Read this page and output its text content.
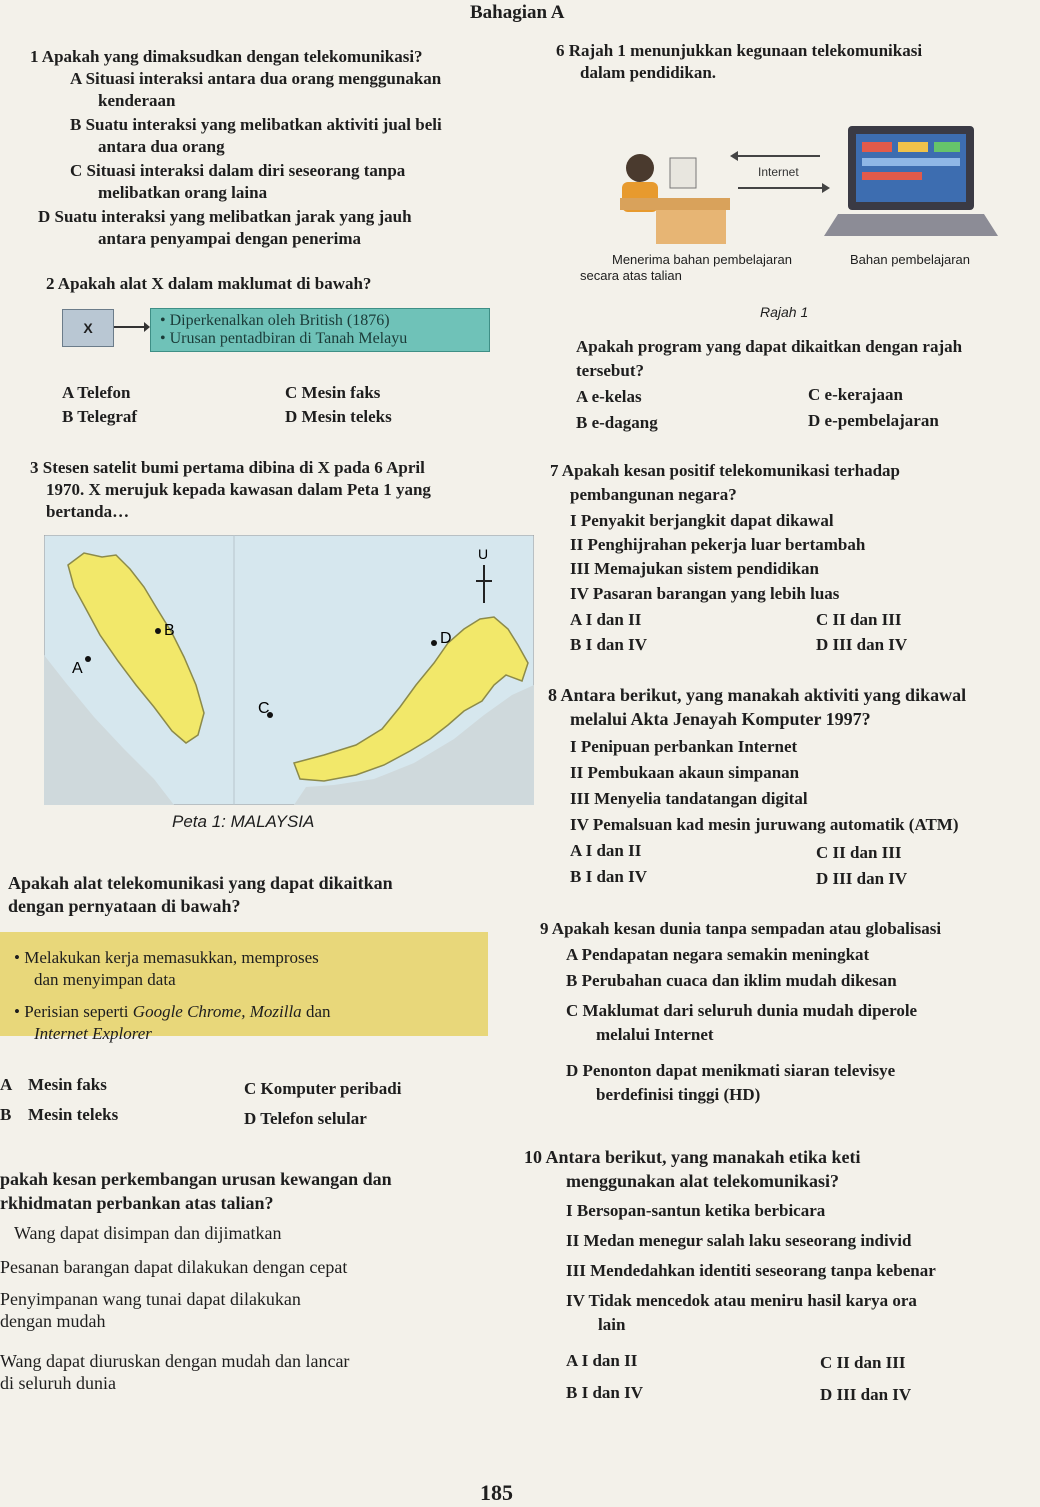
Bahagian A
1 Apakah yang dimaksudkan dengan telekomunikasi?
A Situasi interaksi antara dua orang menggunakan
kenderaan
B Suatu interaksi yang melibatkan aktiviti jual beli
antara dua orang
C Situasi interaksi dalam diri seseorang tanpa
melibatkan orang laina
D Suatu interaksi yang melibatkan jarak yang jauh
antara penyampai dengan penerima
2 Apakah alat X dalam maklumat di bawah?
X	• Diperkenalkan oleh British (1876)
• Urusan pentadbiran di Tanah Melayu
A Telefon
B Telegraf
C Mesin faks
D Mesin teleks
3 Stesen satelit bumi pertama dibina di X pada 6 April
1970. X merujuk kepada kawasan dalam Peta 1 yang
bertanda…
U
B
A
C
D
Peta 1: MALAYSIA
Apakah alat telekomunikasi yang dapat dikaitkan
dengan pernyataan di bawah?
• Melakukan kerja memasukkan, memproses
dan menyimpan data
• Perisian seperti Google Chrome, Mozilla dan
Internet Explorer
A Mesin faks
B Mesin teleks
C Komputer peribadi
D Telefon selular
pakah kesan perkembangan urusan kewangan dan
rkhidmatan perbankan atas talian?
Wang dapat disimpan dan dijimatkan
Pesanan barangan dapat dilakukan dengan cepat
Penyimpanan wang tunai dapat dilakukan
dengan mudah
Wang dapat diuruskan dengan mudah dan lancar
di seluruh dunia
6 Rajah 1 menunjukkan kegunaan telekomunikasi
dalam pendidikan.
Internet
Menerima bahan pembelajaran
secara atas talian
Bahan pembelajaran
Rajah 1
Apakah program yang dapat dikaitkan dengan rajah
tersebut?
A e-kelas
B e-dagang
C e-kerajaan
D e-pembelajaran
7 Apakah kesan positif telekomunikasi terhadap
pembangunan negara?
I Penyakit berjangkit dapat dikawal
II Penghijrahan pekerja luar bertambah
III Memajukan sistem pendidikan
IV Pasaran barangan yang lebih luas
A I dan II
B I dan IV
C II dan III
D III dan IV
8 Antara berikut, yang manakah aktiviti yang dikawal
melalui Akta Jenayah Komputer 1997?
I Penipuan perbankan Internet
II Pembukaan akaun simpanan
III Menyelia tandatangan digital
IV Pemalsuan kad mesin juruwang automatik (ATM)
A I dan II
B I dan IV
C II dan III
D III dan IV
9 Apakah kesan dunia tanpa sempadan atau globalisasi
A Pendapatan negara semakin meningkat
B Perubahan cuaca dan iklim mudah dikesan
C Maklumat dari seluruh dunia mudah diperole
melalui Internet
D Penonton dapat menikmati siaran televisye
berdefinisi tinggi (HD)
10 Antara berikut, yang manakah etika keti
menggunakan alat telekomunikasi?
I Bersopan-santun ketika berbicara
II Medan menegur salah laku seseorang individ
III Mendedahkan identiti seseorang tanpa kebenar
IV Tidak mencedok atau meniru hasil karya ora
lain
A I dan II
B I dan IV
C II dan III
D III dan IV
185
